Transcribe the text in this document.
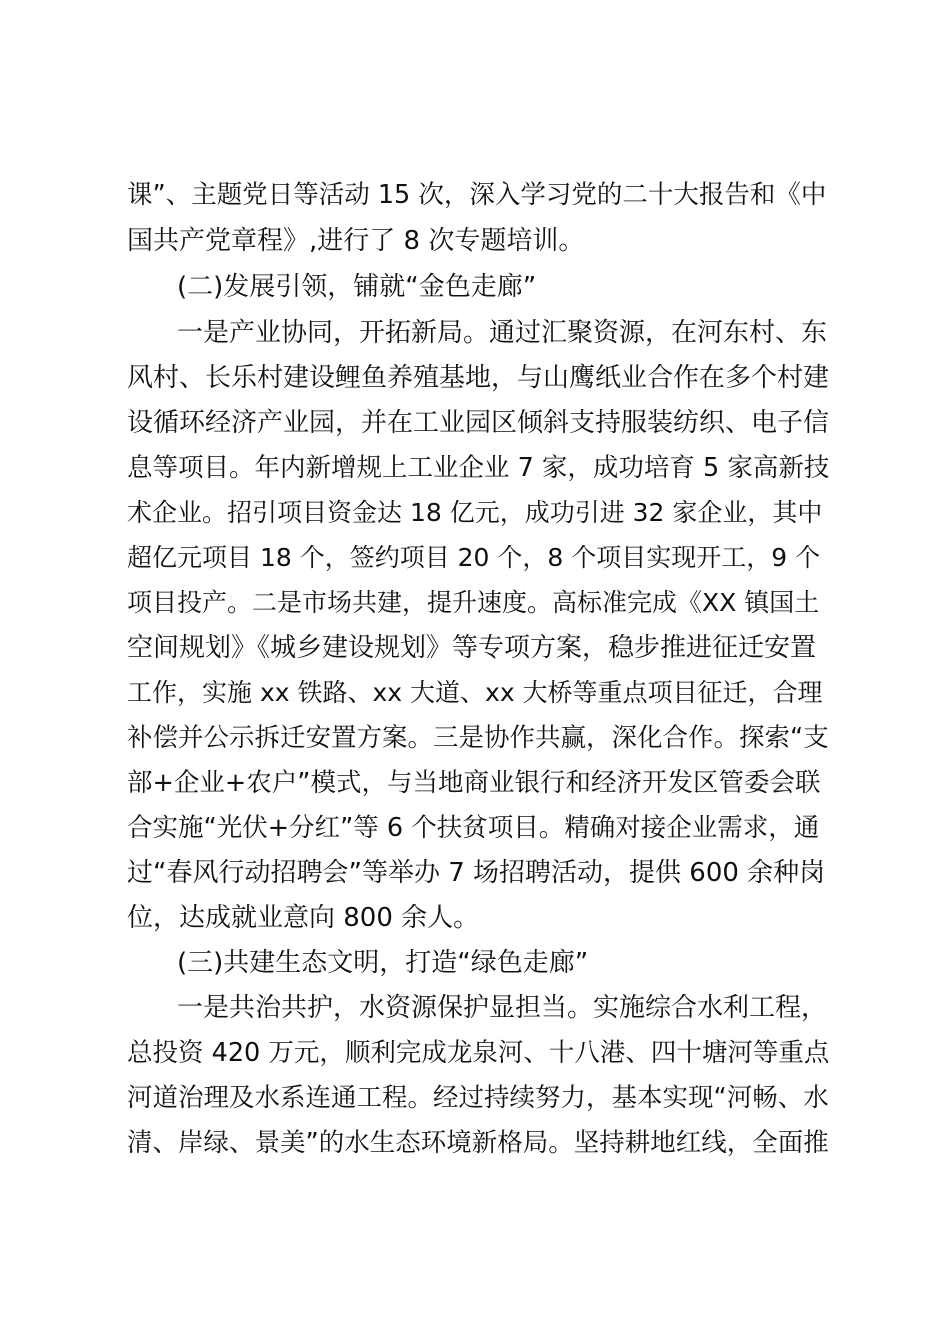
课”、主题党日等活动 15 次，深入学习党的二十大报告和《中
国共产党章程》,进行了 8 次专题培训。
(二)发展引领，铺就“金色走廊”
一是产业协同，开拓新局。通过汇聚资源，在河东村、东
风村、长乐村建设鲤鱼养殖基地，与山鹰纸业合作在多个村建
设循环经济产业园，并在工业园区倾斜支持服装纺织、电子信
息等项目。年内新增规上工业企业 7 家，成功培育 5 家高新技
术企业。招引项目资金达 18 亿元，成功引进 32 家企业，其中
超亿元项目 18 个，签约项目 20 个，8 个项目实现开工，9 个
项目投产。二是市场共建，提升速度。高标准完成《XX 镇国土
空间规划》《城乡建设规划》等专项方案，稳步推进征迁安置
工作，实施 xx 铁路、xx 大道、xx 大桥等重点项目征迁，合理
补偿并公示拆迁安置方案。三是协作共赢，深化合作。探索“支
部+企业+农户”模式，与当地商业银行和经济开发区管委会联
合实施“光伏+分红”等 6 个扶贫项目。精确对接企业需求，通
过“春风行动招聘会”等举办 7 场招聘活动，提供 600 余种岗
位，达成就业意向 800 余人。
(三)共建生态文明，打造“绿色走廊”
一是共治共护，水资源保护显担当。实施综合水利工程，
总投资 420 万元，顺利完成龙泉河、十八港、四十塘河等重点
河道治理及水系连通工程。经过持续努力，基本实现“河畅、水
清、岸绿、景美”的水生态环境新格局。坚持耕地红线，全面推
